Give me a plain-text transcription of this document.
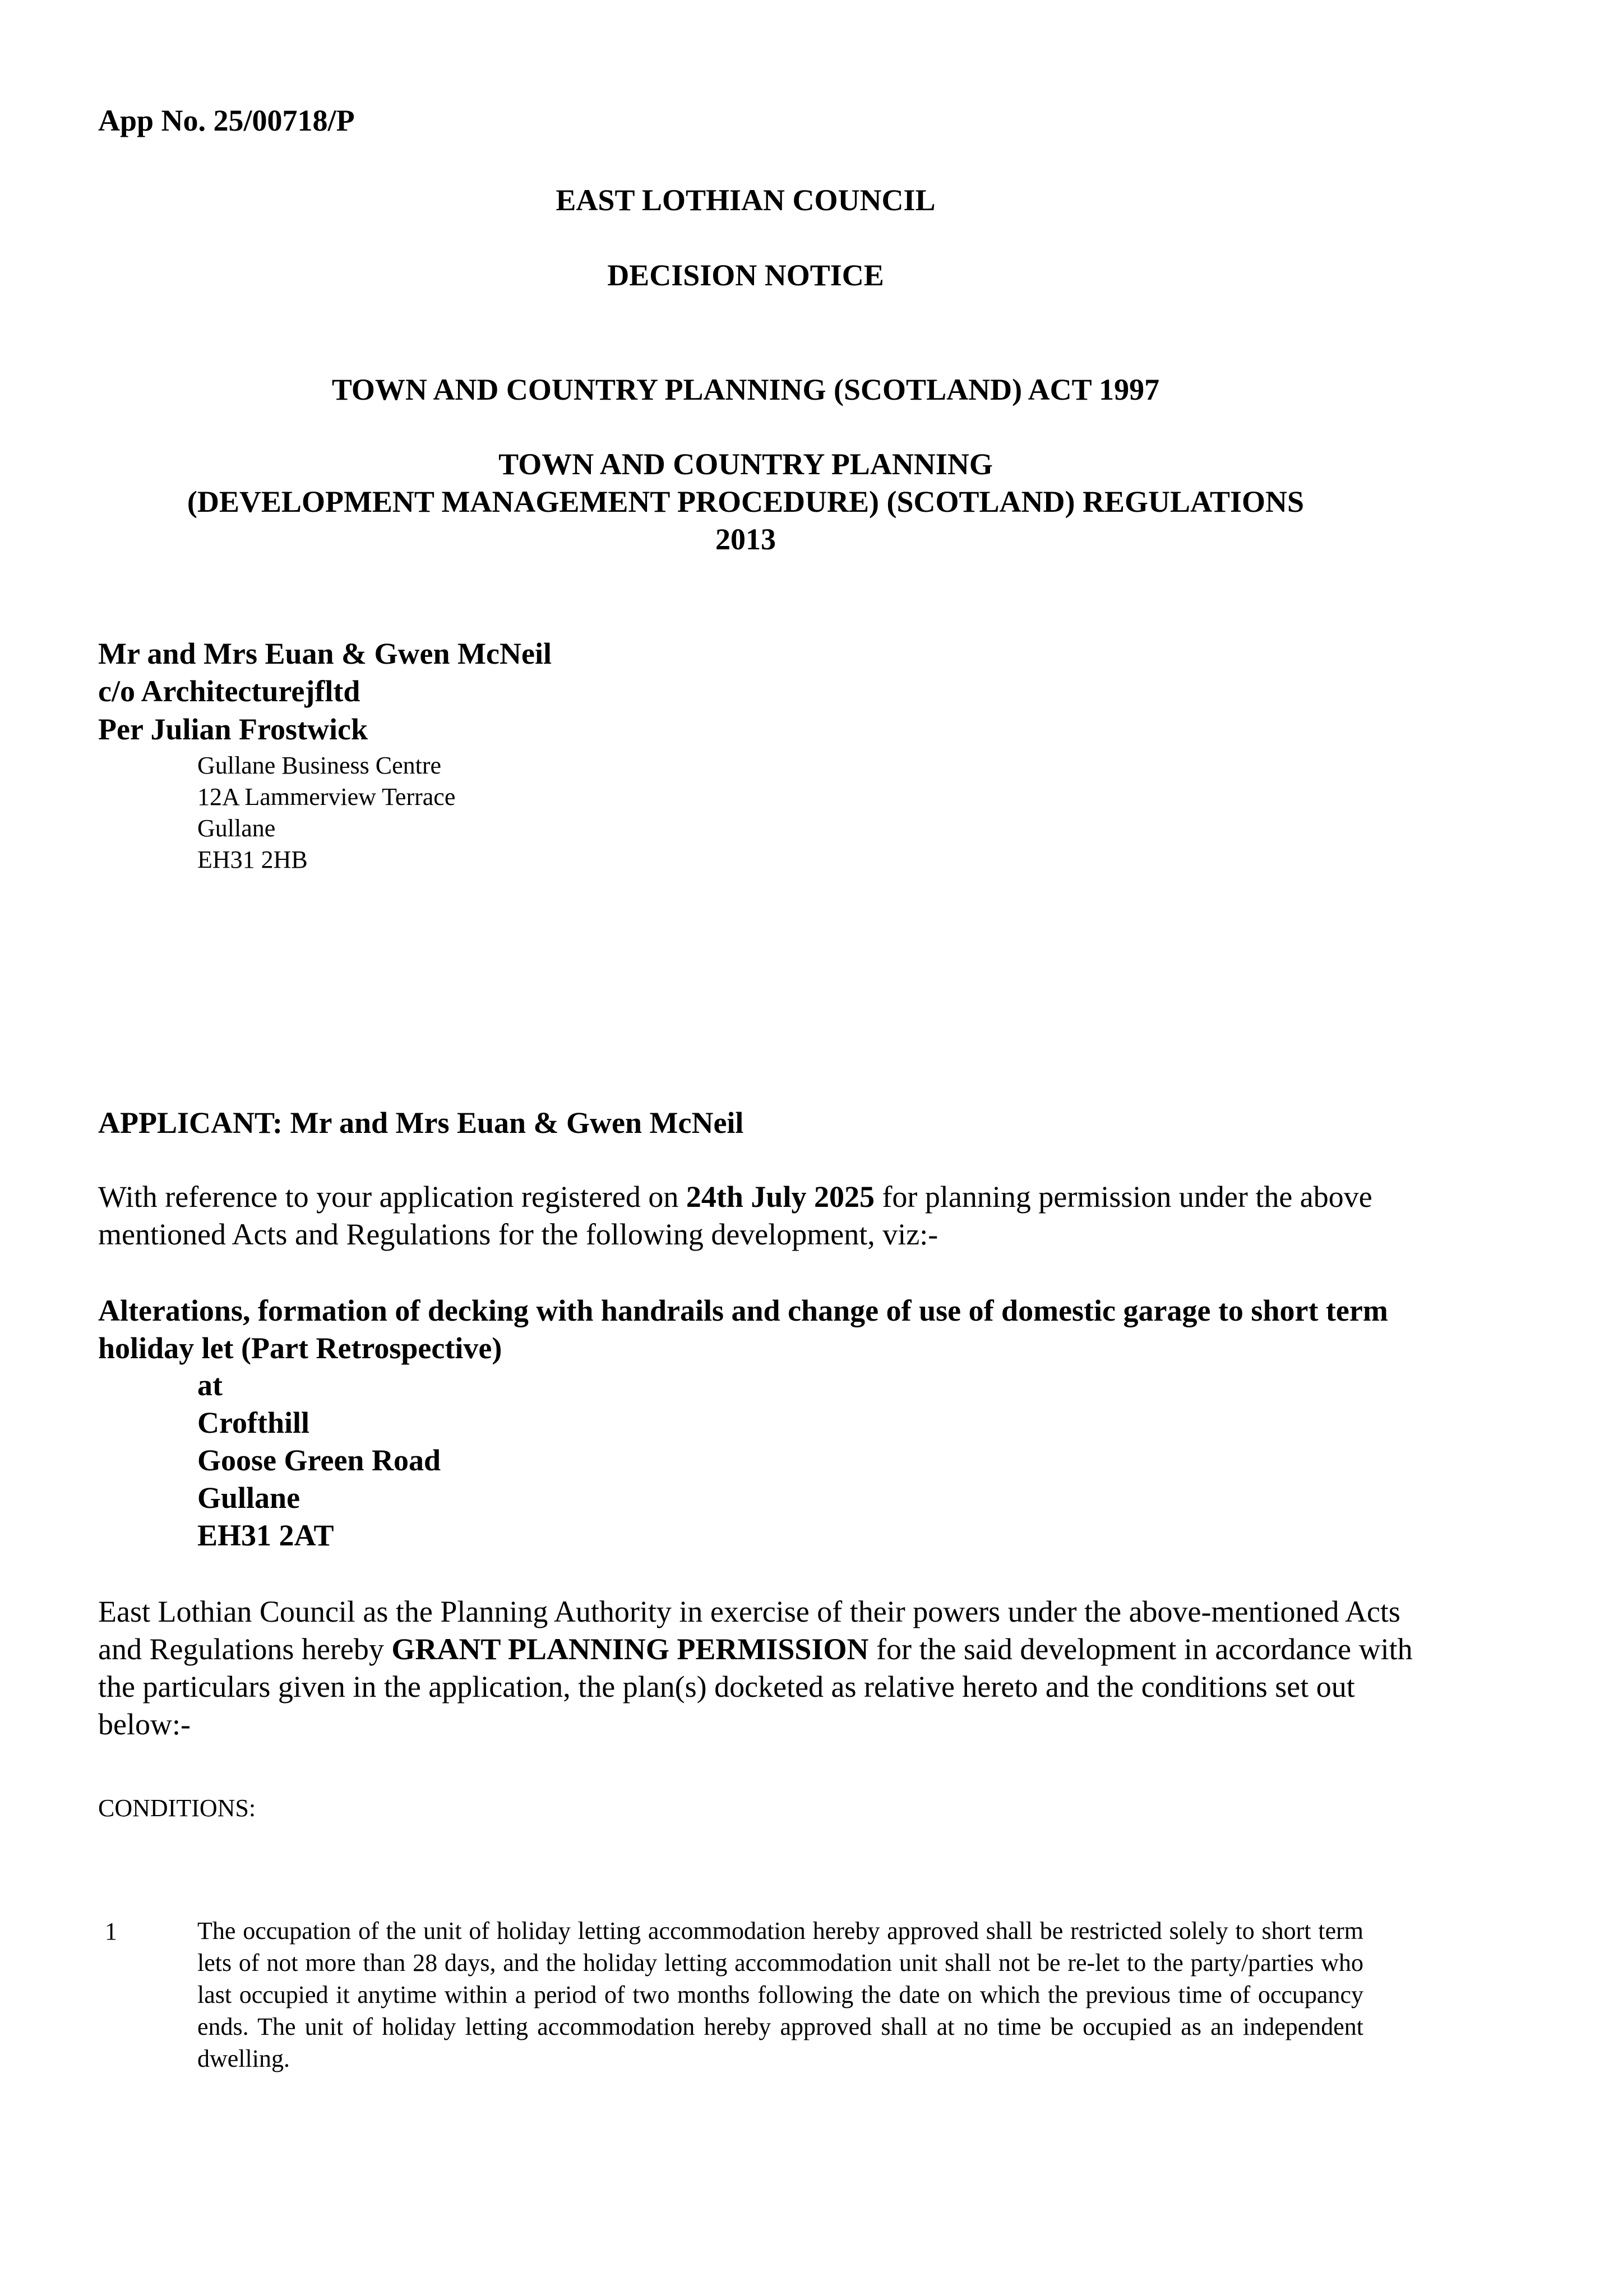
App No. 25/00718/P
EAST LOTHIAN COUNCIL
DECISION NOTICE
TOWN AND COUNTRY PLANNING (SCOTLAND) ACT 1997
TOWN AND COUNTRY PLANNING
(DEVELOPMENT MANAGEMENT PROCEDURE) (SCOTLAND) REGULATIONS
2013
Mr and Mrs Euan & Gwen McNeil
c/o Architecturejfltd
Per Julian Frostwick
Gullane Business Centre
12A Lammerview Terrace
Gullane
EH31 2HB
APPLICANT: Mr and Mrs Euan & Gwen McNeil
With reference to your application registered on 24th July 2025 for planning permission under the above mentioned Acts and Regulations for the following development, viz:-
Alterations, formation of decking with handrails and change of use of domestic garage to short term holiday let (Part Retrospective)
at
Crofthill
Goose Green Road
Gullane
EH31 2AT
East Lothian Council as the Planning Authority in exercise of their powers under the above-mentioned Acts and Regulations hereby GRANT PLANNING PERMISSION for the said development in accordance with the particulars given in the application, the plan(s) docketed as relative hereto and the conditions set out below:-
CONDITIONS:
1	The occupation of the unit of holiday letting accommodation hereby approved shall be restricted solely to short term lets of not more than 28 days, and the holiday letting accommodation unit shall not be re-let to the party/parties who last occupied it anytime within a period of two months following the date on which the previous time of occupancy ends. The unit of holiday letting accommodation hereby approved shall at no time be occupied as an independent dwelling.
